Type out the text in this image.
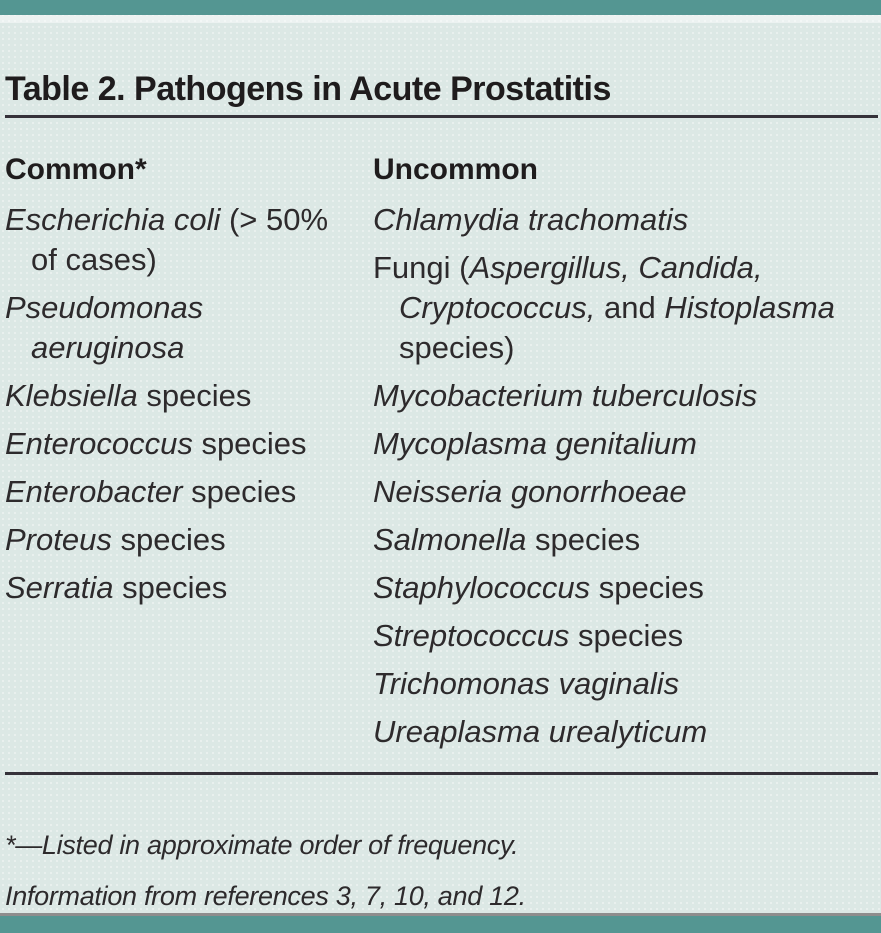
Table 2. Pathogens in Acute Prostatitis
Common*

Escherichia coli (> 50%
of cases)

Pseudomonas
aeruginosa

Klebsiella species

Enterococcus species

Enterobacter species

Proteus species

Serratia species

Uncommon

Chlamydia trachomatis

Fungi (Aspergillus, Candida,
Cryptococcus, and Histoplasma
species)

Mycobacterium tuberculosis

Mycoplasma genitalium

Neisseria gonorrhoeae

Salmonella species

Staphylococcus species

Streptococcus species

Trichomonas vaginalis

Ureaplasma urealyticum

*—Listed in approximate order of frequency.

Information from references 3, 7, 10, and 12.
